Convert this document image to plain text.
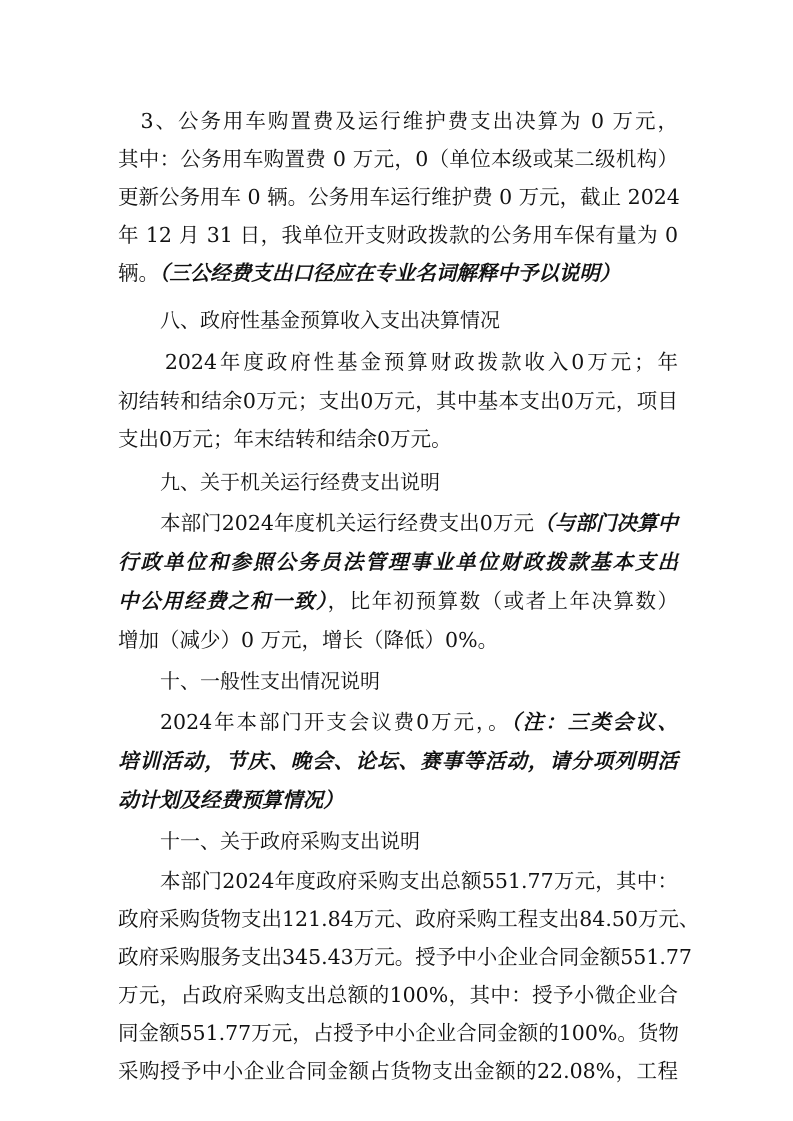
　3、公务用车购置费及运行维护费支出决算为 0 万元，
其中：公务用车购置费 0 万元，0（单位本级或某二级机构）
更新公务用车 0 辆。公务用车运行维护费 0 万元，截止 2024
年 12 月 31 日，我单位开支财政拨款的公务用车保有量为 0
辆。（三公经费支出口径应在专业名词解释中予以说明）
八、政府性基金预算收入支出决算情况
　　2024年度政府性基金预算财政拨款收入0万元；年
初结转和结余0万元；支出0万元，其中基本支出0万元，项目
支出0万元；年末结转和结余0万元。
九、关于机关运行经费支出说明
本部门2024年度机关运行经费支出0万元（与部门决算中
行政单位和参照公务员法管理事业单位财政拨款基本支出
中公用经费之和一致），比年初预算数（或者上年决算数）
增加（减少）0 万元，增长（降低）0%。
十、一般性支出情况说明
2024年本部门开支会议费0万元，。（注：三类会议、
培训活动，节庆、晚会、论坛、赛事等活动，请分项列明活
动计划及经费预算情况）
十一、关于政府采购支出说明
本部门2024年度政府采购支出总额551.77万元，其中：
政府采购货物支出121.84万元、政府采购工程支出84.50万元、
政府采购服务支出345.43万元。授予中小企业合同金额551.77
万元，占政府采购支出总额的100%，其中：授予小微企业合
同金额551.77万元，占授予中小企业合同金额的100%。货物
采购授予中小企业合同金额占货物支出金额的22.08%，工程
